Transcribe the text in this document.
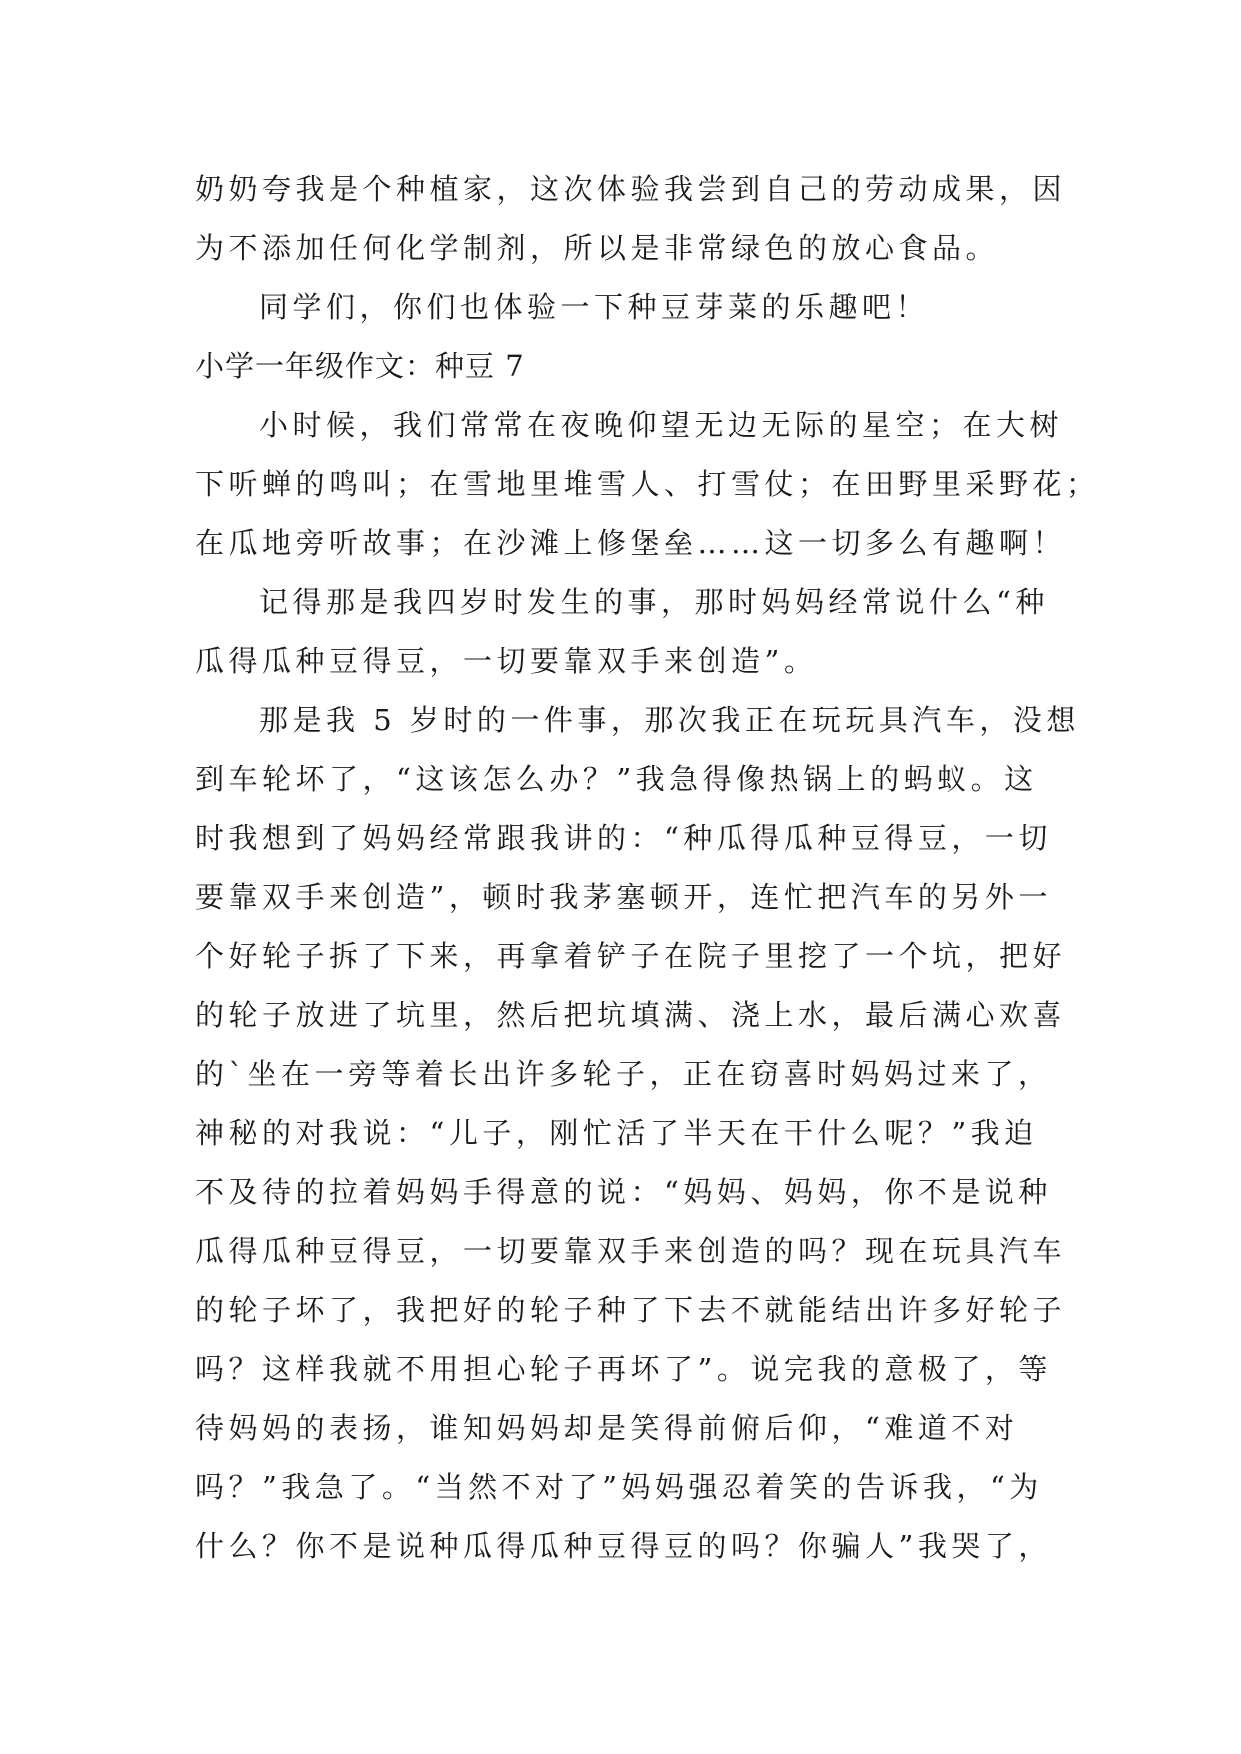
奶奶夸我是个种植家，这次体验我尝到自己的劳动成果，因
为不添加任何化学制剂，所以是非常绿色的放心食品。
同学们，你们也体验一下种豆芽菜的乐趣吧！
小学一年级作文：种豆 7
小时候，我们常常在夜晚仰望无边无际的星空；在大树
下听蝉的鸣叫；在雪地里堆雪人、打雪仗；在田野里采野花；
在瓜地旁听故事；在沙滩上修堡垒……这一切多么有趣啊！
记得那是我四岁时发生的事，那时妈妈经常说什么“种
瓜得瓜种豆得豆，一切要靠双手来创造”。
那是我 5 岁时的一件事，那次我正在玩玩具汽车，没想
到车轮坏了，“这该怎么办？”我急得像热锅上的蚂蚁。这
时我想到了妈妈经常跟我讲的：“种瓜得瓜种豆得豆，一切
要靠双手来创造”，顿时我茅塞顿开，连忙把汽车的另外一
个好轮子拆了下来，再拿着铲子在院子里挖了一个坑，把好
的轮子放进了坑里，然后把坑填满、浇上水，最后满心欢喜
的`坐在一旁等着长出许多轮子，正在窃喜时妈妈过来了，
神秘的对我说：“儿子，刚忙活了半天在干什么呢？”我迫
不及待的拉着妈妈手得意的说：“妈妈、妈妈，你不是说种
瓜得瓜种豆得豆，一切要靠双手来创造的吗？现在玩具汽车
的轮子坏了，我把好的轮子种了下去不就能结出许多好轮子
吗？这样我就不用担心轮子再坏了”。说完我的意极了，等
待妈妈的表扬，谁知妈妈却是笑得前俯后仰，“难道不对
吗？”我急了。“当然不对了”妈妈强忍着笑的告诉我，“为
什么？你不是说种瓜得瓜种豆得豆的吗？你骗人”我哭了，
